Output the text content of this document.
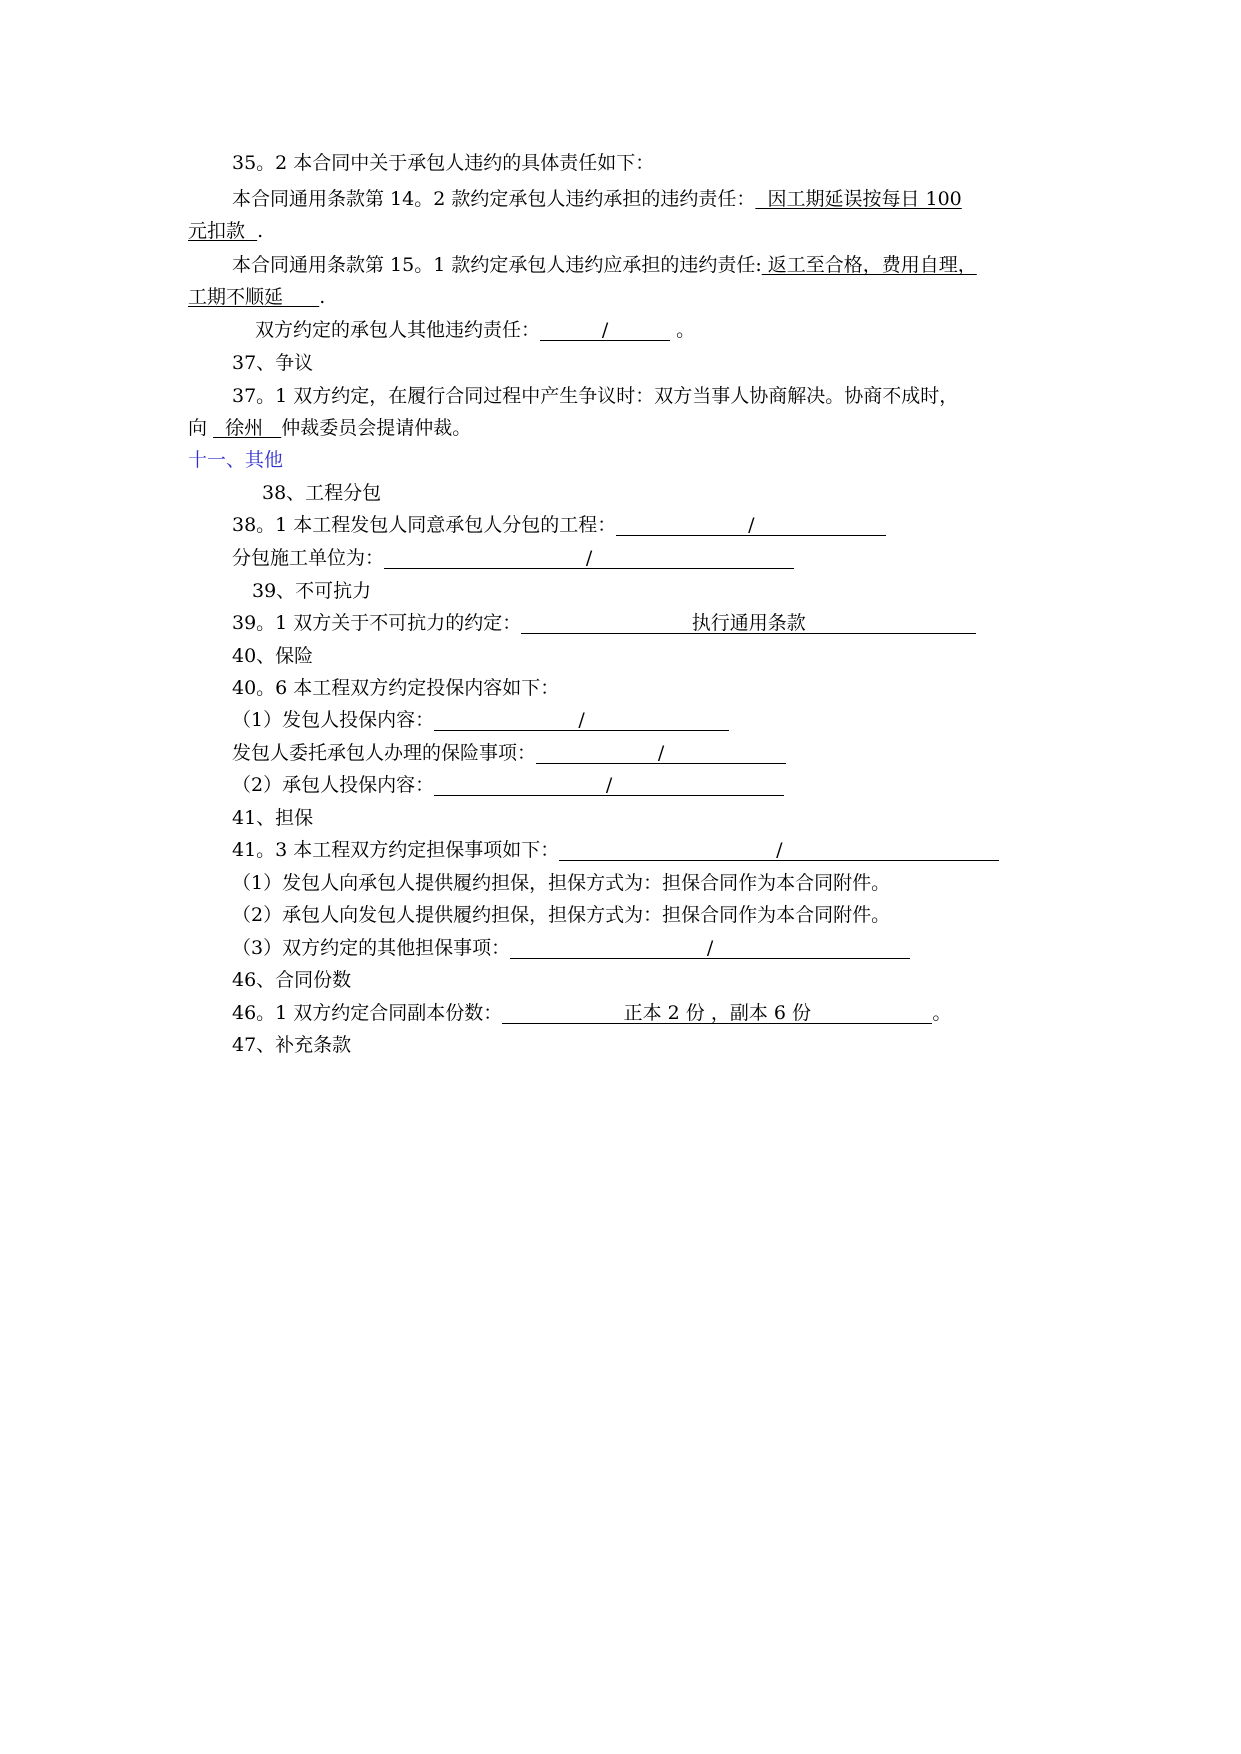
35。2 本合同中关于承包人违约的具体责任如下：
本合同通用条款第 14。2 款约定承包人违约承担的违约责任：  因工期延误按每日 100
元扣款  .
本合同通用条款第 15。1 款约定承包人违约应承担的违约责任: 返工至合格，费用自理，
工期不顺延      .
双方约定的承包人其他违约责任：	/	。
37、争议
37。1 双方约定，在履行合同过程中产生争议时：双方当事人协商解决。协商不成时，
向   徐州   仲裁委员会提请仲裁。
十一、其他
38、工程分包
38。1 本工程发包人同意承包人分包的工程：	/
分包施工单位为：	/
39、不可抗力
39。1 双方关于不可抗力的约定：	执行通用条款
40、保险
40。6 本工程双方约定投保内容如下：
（1）发包人投保内容：	/
发包人委托承包人办理的保险事项：	/
（2）承包人投保内容：	/
41、担保
41。3 本工程双方约定担保事项如下：	/
（1）发包人向承包人提供履约担保，担保方式为：担保合同作为本合同附件。
（2）承包人向发包人提供履约担保，担保方式为：担保合同作为本合同附件。
（3）双方约定的其他担保事项：	/
46、合同份数
46。1 双方约定合同副本份数：	正本 2 份 ，副本 6 份	。
47、补充条款
